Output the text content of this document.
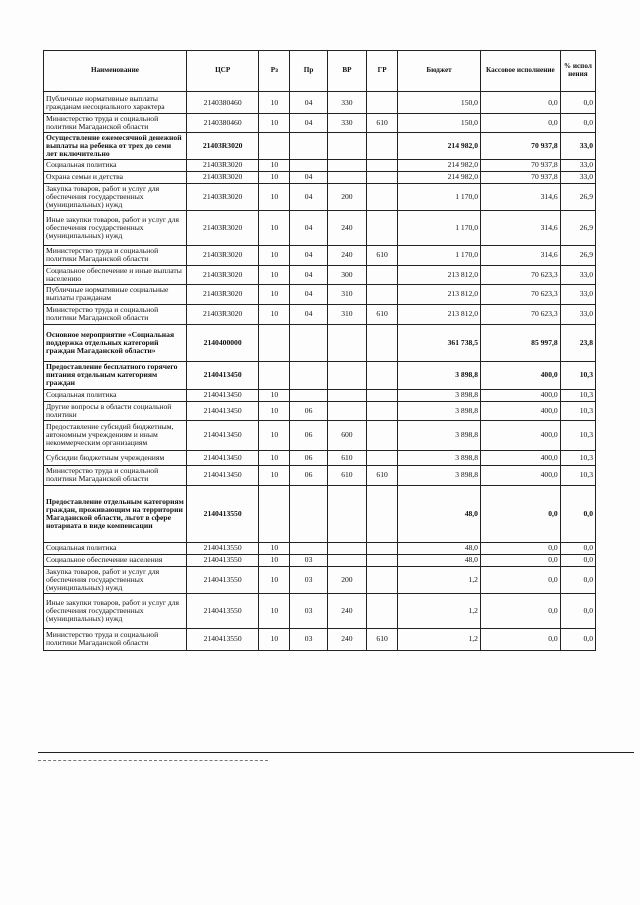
Наименование	ЦСР	Рз	Пр	ВР	ГР	Бюджет	Кассовое исполнение	% испол нения
Публичные нормативные выплаты гражданам несоциального характера	2140380460	10	04	330		150,0	0,0	0,0
Министерство труда и социальной политики Магаданской области	2140380460	10	04	330	610	150,0	0,0	0,0
Осуществление ежемесячной денежной выплаты на ребенка от трех до семи лет включительно	21403R3020					214 982,0	70 937,8	33,0
Социальная политика	21403R3020	10				214 982,0	70 937,8	33,0
Охрана семьи и детства	21403R3020	10	04			214 982,0	70 937,8	33,0
Закупка товаров, работ и услуг для обеспечения государственных (муниципальных) нужд	21403R3020	10	04	200		1 170,0	314,6	26,9
Иные закупки товаров, работ и услуг для обеспечения государственных (муниципальных) нужд	21403R3020	10	04	240		1 170,0	314,6	26,9
Министерство труда и социальной политики Магаданской области	21403R3020	10	04	240	610	1 170,0	314,6	26,9
Социальное обеспечение и иные выплаты населению	21403R3020	10	04	300		213 812,0	70 623,3	33,0
Публичные нормативные социальные выплаты гражданам	21403R3020	10	04	310		213 812,0	70 623,3	33,0
Министерство труда и социальной политики Магаданской области	21403R3020	10	04	310	610	213 812,0	70 623,3	33,0
Основное мероприятие «Социальная поддержка отдельных категорий граждан Магаданской области»	2140400000					361 738,5	85 997,8	23,8
Предоставление бесплатного горячего питания отдельным категориям граждан	2140413450					3 898,8	400,0	10,3
Социальная политика	2140413450	10				3 898,8	400,0	10,3
Другие вопросы в области социальной политики	2140413450	10	06			3 898,8	400,0	10,3
Предоставление субсидий бюджетным, автономным учреждениям и иным некоммерческим организациям	2140413450	10	06	600		3 898,8	400,0	10,3
Субсидии бюджетным учреждениям	2140413450	10	06	610		3 898,8	400,0	10,3
Министерство труда и социальной политики Магаданской области	2140413450	10	06	610	610	3 898,8	400,0	10,3
Предоставление отдельным категориям граждан, проживающим на территории Магаданской области, льгот в сфере нотариата в виде компенсации	2140413550					48,0	0,0	0,0
Социальная политика	2140413550	10				48,0	0,0	0,0
Социальное обеспечение населения	2140413550	10	03			48,0	0,0	0,0
Закупка товаров, работ и услуг для обеспечения государственных (муниципальных) нужд	2140413550	10	03	200		1,2	0,0	0,0
Иные закупки товаров, работ и услуг для обеспечения государственных (муниципальных) нужд	2140413550	10	03	240		1,2	0,0	0,0
Министерство труда и социальной политики Магаданской области	2140413550	10	03	240	610	1,2	0,0	0,0
